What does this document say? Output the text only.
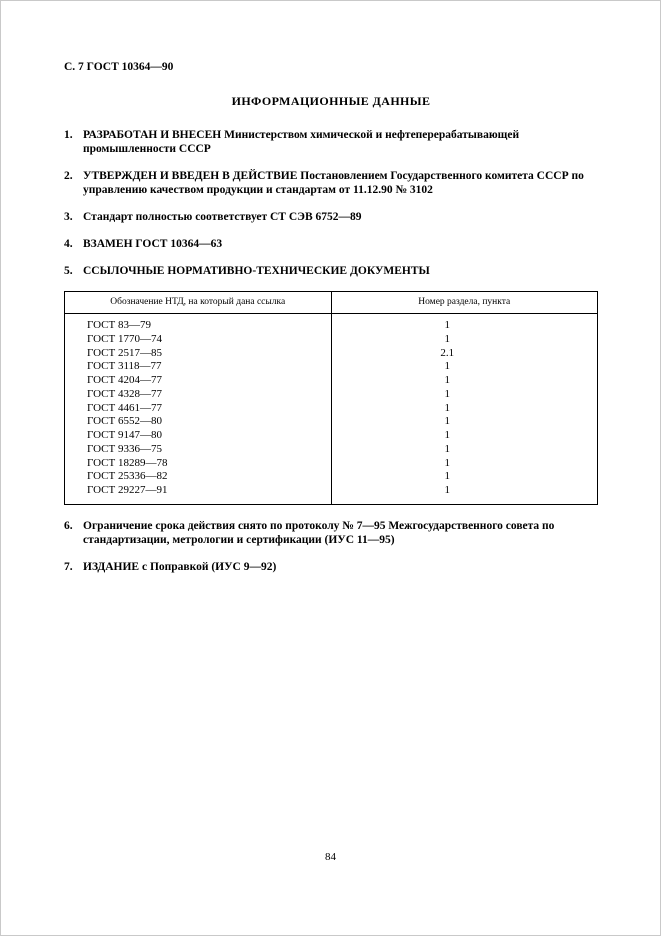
С. 7 ГОСТ 10364—90
ИНФОРМАЦИОННЫЕ ДАННЫЕ
1. РАЗРАБОТАН И ВНЕСЕН Министерством химической и нефтеперерабатывающей промышленности СССР
2. УТВЕРЖДЕН И ВВЕДЕН В ДЕЙСТВИЕ Постановлением Государственного комитета СССР по управлению качеством продукции и стандартам от 11.12.90 № 3102
3. Стандарт полностью соответствует СТ СЭВ 6752—89
4. ВЗАМЕН ГОСТ 10364—63
5. ССЫЛОЧНЫЕ НОРМАТИВНО-ТЕХНИЧЕСКИЕ ДОКУМЕНТЫ
Обозначение НТД, на который дана ссылка	Номер раздела, пункта
ГОСТ 83—79	1
ГОСТ 1770—74	1
ГОСТ 2517—85	2.1
ГОСТ 3118—77	1
ГОСТ 4204—77	1
ГОСТ 4328—77	1
ГОСТ 4461—77	1
ГОСТ 6552—80	1
ГОСТ 9147—80	1
ГОСТ 9336—75	1
ГОСТ 18289—78	1
ГОСТ 25336—82	1
ГОСТ 29227—91	1
6. Ограничение срока действия снято по протоколу № 7—95 Межгосударственного совета по стандартизации, метрологии и сертификации (ИУС 11—95)
7. ИЗДАНИЕ с Поправкой (ИУС 9—92)
84
